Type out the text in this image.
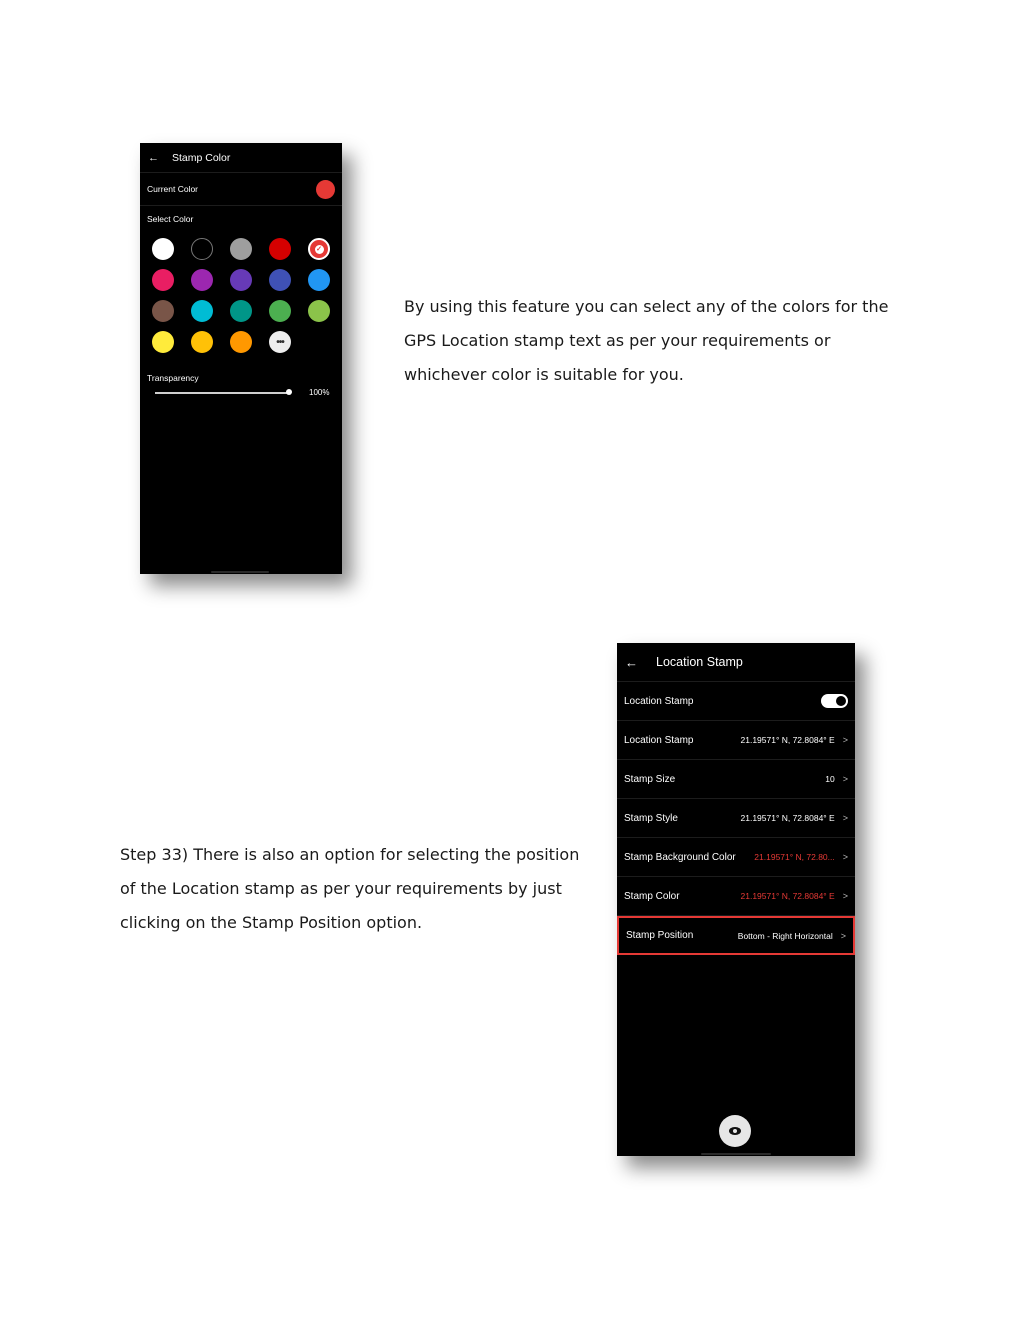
By using this feature you can select any of the colors for the GPS Location stamp text as per your requirements or whichever color is suitable for you.

Step 33) There is also an option for selecting the position of the Location stamp as per your requirements by just clicking on the Stamp Position option.

← Stamp Color
Current Color
Select Color
✓
•••
Transparency
100%
←	Location Stamp
Location Stamp
Location Stamp	21.19571° N, 72.8084° E >
Stamp Size	10 >
Stamp Style	21.19571° N, 72.8084° E >
Stamp Background Color	21.19571° N, 72.80... >
Stamp Color	21.19571° N, 72.8084° E >
Stamp Position	Bottom - Right Horizontal >
